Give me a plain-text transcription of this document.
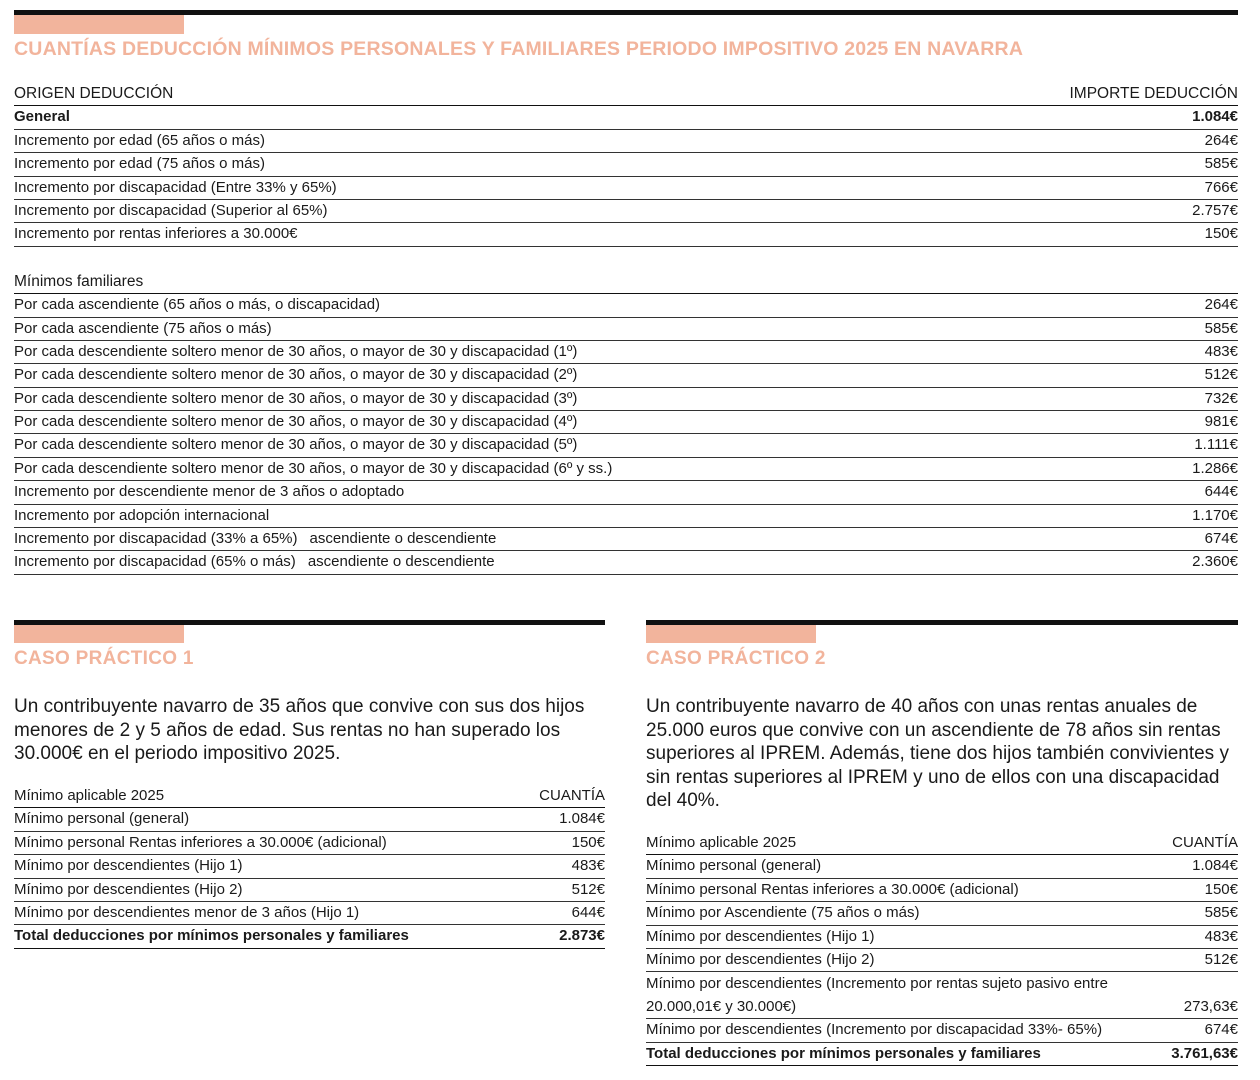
CUANTÍAS DEDUCCIÓN MÍNIMOS PERSONALES Y FAMILIARES PERIODO IMPOSITIVO 2025 EN NAVARRA
ORIGEN DEDUCCIÓN	IMPORTE DEDUCCIÓN
General	1.084€
Incremento por edad (65 años o más)	264€
Incremento por edad (75 años o más)	585€
Incremento por discapacidad (Entre 33% y 65%)	766€
Incremento por discapacidad (Superior al 65%)	2.757€
Incremento por rentas inferiores a 30.000€	150€
Mínimos familiares
Por cada ascendiente (65 años o más, o discapacidad)	264€
Por cada ascendiente (75 años o más)	585€
Por cada descendiente soltero menor de 30 años, o mayor de 30 y discapacidad (1º)	483€
Por cada descendiente soltero menor de 30 años, o mayor de 30 y discapacidad (2º)	512€
Por cada descendiente soltero menor de 30 años, o mayor de 30 y discapacidad (3º)	732€
Por cada descendiente soltero menor de 30 años, o mayor de 30 y discapacidad (4º)	981€
Por cada descendiente soltero menor de 30 años, o mayor de 30 y discapacidad (5º)	1.111€
Por cada descendiente soltero menor de 30 años, o mayor de 30 y discapacidad (6º y ss.)	1.286€
Incremento por descendiente menor de 3 años o adoptado	644€
Incremento por adopción internacional	1.170€
Incremento por discapacidad (33% a 65%) ascendiente o descendiente	674€
Incremento por discapacidad (65% o más) ascendiente o descendiente	2.360€
CASO PRÁCTICO 1

Un contribuyente navarro de 35 años que convive con sus dos hijos menores de 2 y 5 años de edad. Sus rentas no han superado los 30.000€ en el periodo impositivo 2025.

Mínimo aplicable 2025	CUANTÍA
Mínimo personal (general)	1.084€
Mínimo personal Rentas inferiores a 30.000€ (adicional)	150€
Mínimo por descendientes (Hijo 1)	483€
Mínimo por descendientes (Hijo 2)	512€
Mínimo por descendientes menor de 3 años (Hijo 1)	644€
Total deducciones por mínimos personales y familiares	2.873€
CASO PRÁCTICO 2

Un contribuyente navarro de 40 años con unas rentas anuales de 25.000 euros que convive con un ascendiente de 78 años sin rentas superiores al IPREM. Además, tiene dos hijos también convivientes y sin rentas superiores al IPREM y uno de ellos con una discapacidad del 40%.

Mínimo aplicable 2025	CUANTÍA
Mínimo personal (general)	1.084€
Mínimo personal Rentas inferiores a 30.000€ (adicional)	150€
Mínimo por Ascendiente (75 años o más)	585€
Mínimo por descendientes (Hijo 1)	483€
Mínimo por descendientes (Hijo 2)	512€
Mínimo por descendientes (Incremento por rentas sujeto pasivo entre 20.000,01€ y 30.000€)	273,63€
Mínimo por descendientes (Incremento por discapacidad 33%- 65%)	674€
Total deducciones por mínimos personales y familiares	3.761,63€
